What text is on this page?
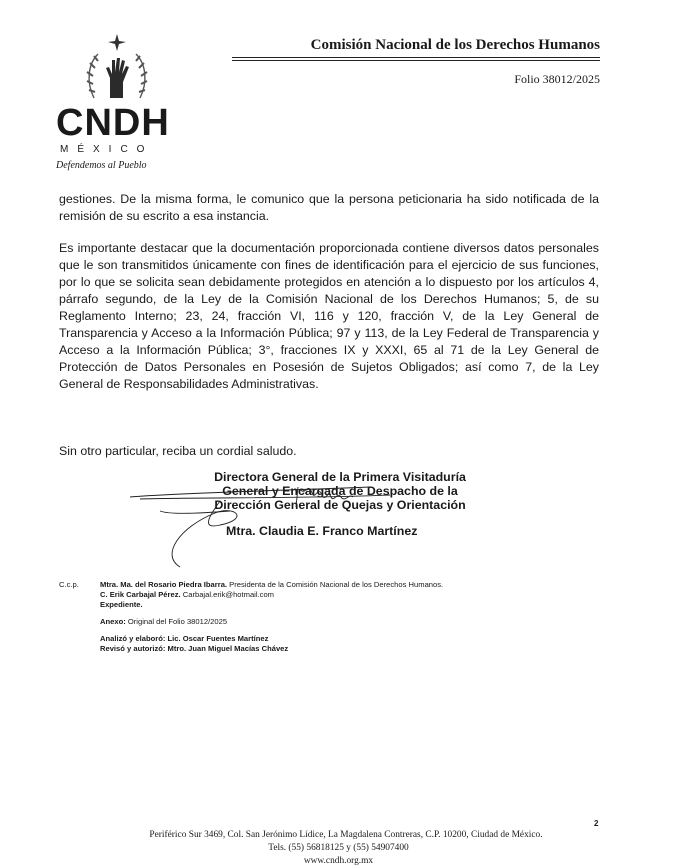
CNDH
MÉXICO
Defendemos al Pueblo
Comisión Nacional de los Derechos Humanos
Folio 38012/2025

gestiones. De la misma forma, le comunico que la persona peticionaria ha sido notificada de la remisión de su escrito a esa instancia.

Es importante destacar que la documentación proporcionada contiene diversos datos personales que le son transmitidos únicamente con fines de identificación para el ejercicio de sus funciones, por lo que se solicita sean debidamente protegidos en atención a lo dispuesto por los artículos 4, párrafo segundo, de la Ley de la Comisión Nacional de los Derechos Humanos; 5, de su Reglamento Interno; 23, 24, fracción VI, 116 y 120, fracción V, de la Ley General de Transparencia y Acceso a la Información Pública; 97 y 113, de la Ley Federal de Transparencia y Acceso a la Información Pública; 3°, fracciones IX y XXXI, 65 al 71 de la Ley General de Protección de Datos Personales en Posesión de Sujetos Obligados; así como 7, de la Ley General de Responsabilidades Administrativas.

Sin otro particular, reciba un cordial saludo.

Directora General de la Primera Visitaduría
General y Encargada de Despacho de la
Dirección General de Quejas y Orientación
Mtra. Claudia E. Franco Martínez
C.c.p.	Mtra. Ma. del Rosario Piedra Ibarra. Presidenta de la Comisión Nacional de los Derechos Humanos.
C. Erik Carbajal Pérez. Carbajal.erik@hotmail.com
Expediente.
Anexo: Original del Folio 38012/2025
Analizó y elaboró: Lic. Oscar Fuentes Martínez
Revisó y autorizó: Mtro. Juan Miguel Macías Chávez
2
Periférico Sur 3469, Col. San Jerónimo Lídice, La Magdalena Contreras, C.P. 10200, Ciudad de México.
Tels. (55) 56818125 y (55) 54907400
www.cndh.org.mx
